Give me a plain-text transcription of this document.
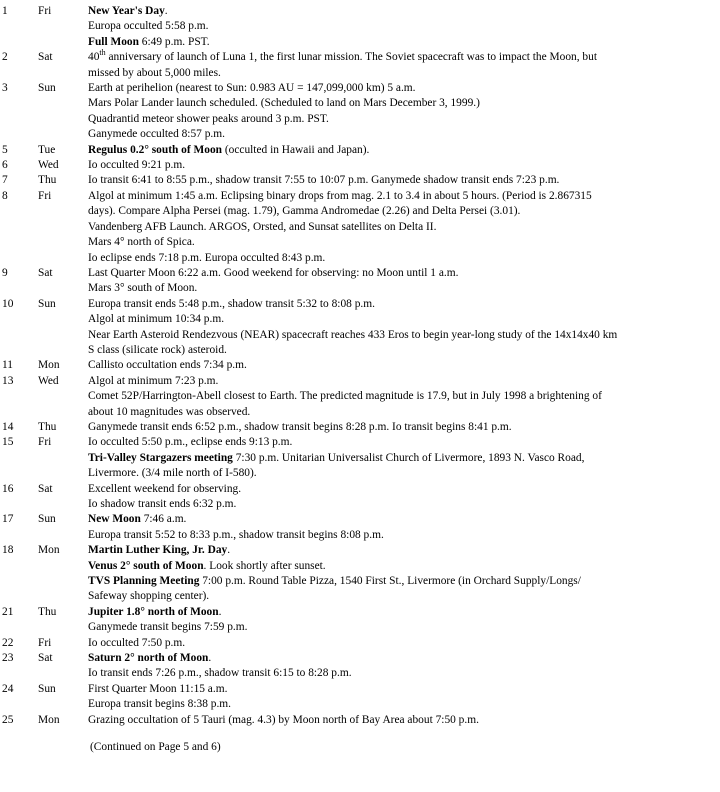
1	Fri	New Year's Day.
Europa occulted 5:58 p.m.
Full Moon 6:49 p.m. PST.
2	Sat	40th anniversary of launch of Luna 1, the first lunar mission. The Soviet spacecraft was to impact the Moon, but
missed by about 5,000 miles.
3	Sun	Earth at perihelion (nearest to Sun: 0.983 AU = 147,099,000 km) 5 a.m.
Mars Polar Lander launch scheduled. (Scheduled to land on Mars December 3, 1999.)
Quadrantid meteor shower peaks around 3 p.m. PST.
Ganymede occulted 8:57 p.m.
5	Tue	Regulus 0.2° south of Moon (occulted in Hawaii and Japan).
6	Wed	Io occulted 9:21 p.m.
7	Thu	Io transit 6:41 to 8:55 p.m., shadow transit 7:55 to 10:07 p.m. Ganymede shadow transit ends 7:23 p.m.
8	Fri	Algol at minimum 1:45 a.m. Eclipsing binary drops from mag. 2.1 to 3.4 in about 5 hours. (Period is 2.867315
days). Compare Alpha Persei (mag. 1.79), Gamma Andromedae (2.26) and Delta Persei (3.01).
Vandenberg AFB Launch. ARGOS, Orsted, and Sunsat satellites on Delta II.
Mars 4° north of Spica.
Io eclipse ends 7:18 p.m. Europa occulted 8:43 p.m.
9	Sat	Last Quarter Moon 6:22 a.m. Good weekend for observing: no Moon until 1 a.m.
Mars 3° south of Moon.
10	Sun	Europa transit ends 5:48 p.m., shadow transit 5:32 to 8:08 p.m.
Algol at minimum 10:34 p.m.
Near Earth Asteroid Rendezvous (NEAR) spacecraft reaches 433 Eros to begin year-long study of the 14x14x40 km
S class (silicate rock) asteroid.
11	Mon	Callisto occultation ends 7:34 p.m.
13	Wed	Algol at minimum 7:23 p.m.
Comet 52P/Harrington-Abell closest to Earth. The predicted magnitude is 17.9, but in July 1998 a brightening of
about 10 magnitudes was observed.
14	Thu	Ganymede transit ends 6:52 p.m., shadow transit begins 8:28 p.m. Io transit begins 8:41 p.m.
15	Fri	Io occulted 5:50 p.m., eclipse ends 9:13 p.m.
Tri-Valley Stargazers meeting 7:30 p.m. Unitarian Universalist Church of Livermore, 1893 N. Vasco Road,
Livermore. (3/4 mile north of I-580).
16	Sat	Excellent weekend for observing.
Io shadow transit ends 6:32 p.m.
17	Sun	New Moon 7:46 a.m.
Europa transit 5:52 to 8:33 p.m., shadow transit begins 8:08 p.m.
18	Mon	Martin Luther King, Jr. Day.
Venus 2° south of Moon. Look shortly after sunset.
TVS Planning Meeting 7:00 p.m. Round Table Pizza, 1540 First St., Livermore (in Orchard Supply/Longs/
Safeway shopping center).
21	Thu	Jupiter 1.8° north of Moon.
Ganymede transit begins 7:59 p.m.
22	Fri	Io occulted 7:50 p.m.
23	Sat	Saturn 2° north of Moon.
Io transit ends 7:26 p.m., shadow transit 6:15 to 8:28 p.m.
24	Sun	First Quarter Moon 11:15 a.m.
Europa transit begins 8:38 p.m.
25	Mon	Grazing occultation of 5 Tauri (mag. 4.3) by Moon north of Bay Area about 7:50 p.m.
(Continued on Page 5 and 6)
